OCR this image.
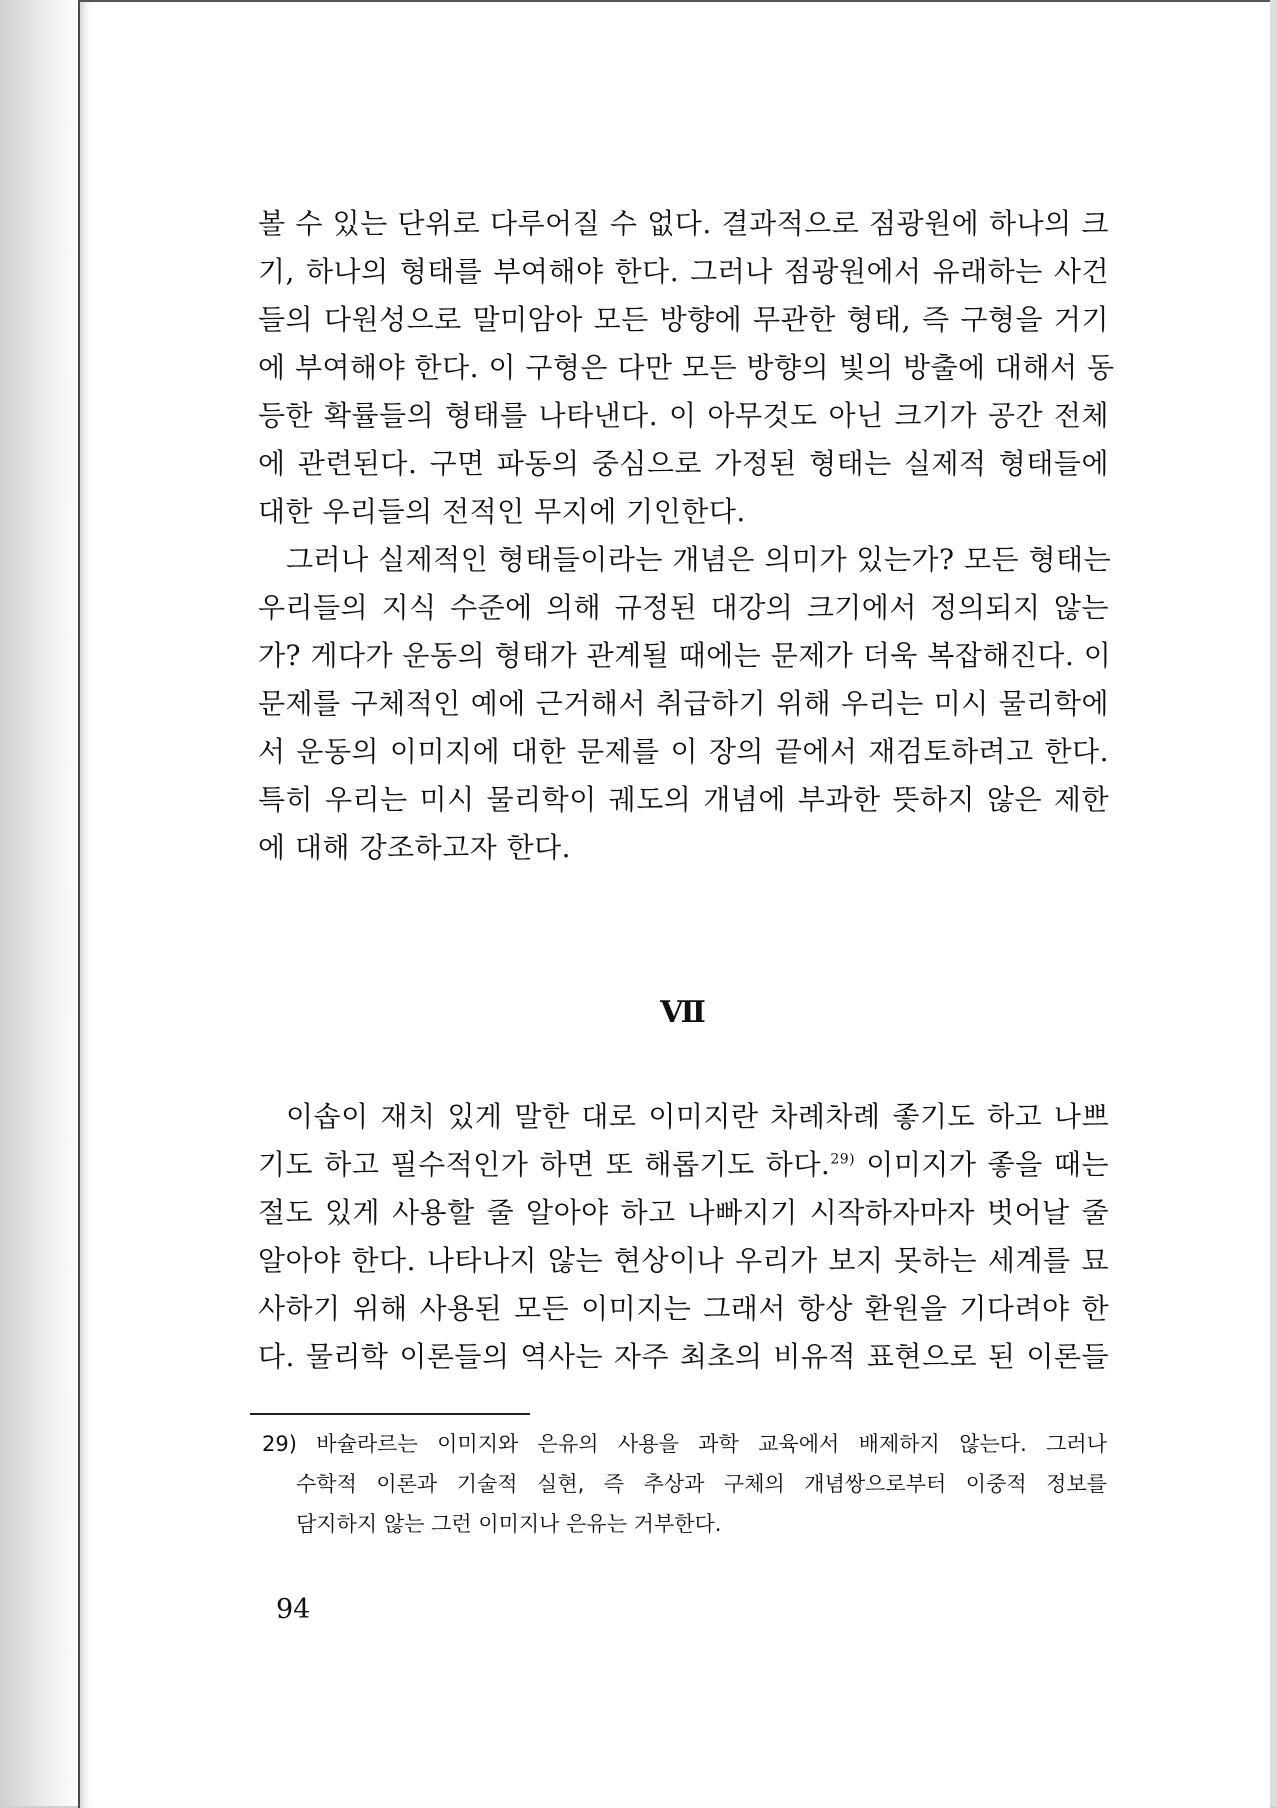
볼 수 있는 단위로 다루어질 수 없다. 결과적으로 점광원에 하나의 크
기, 하나의 형태를 부여해야 한다. 그러나 점광원에서 유래하는 사건
들의 다원성으로 말미암아 모든 방향에 무관한 형태, 즉 구형을 거기
에 부여해야 한다. 이 구형은 다만 모든 방향의 빛의 방출에 대해서 동
등한 확률들의 형태를 나타낸다. 이 아무것도 아닌 크기가 공간 전체
에 관련된다. 구면 파동의 중심으로 가정된 형태는 실제적 형태들에
대한 우리들의 전적인 무지에 기인한다.

그러나 실제적인 형태들이라는 개념은 의미가 있는가? 모든 형태는
우리들의 지식 수준에 의해 규정된 대강의 크기에서 정의되지 않는
가? 게다가 운동의 형태가 관계될 때에는 문제가 더욱 복잡해진다. 이
문제를 구체적인 예에 근거해서 취급하기 위해 우리는 미시 물리학에
서 운동의 이미지에 대한 문제를 이 장의 끝에서 재검토하려고 한다.
특히 우리는 미시 물리학이 궤도의 개념에 부과한 뜻하지 않은 제한
에 대해 강조하고자 한다.

Ⅶ

이솝이 재치 있게 말한 대로 이미지란 차례차례 좋기도 하고 나쁘
기도 하고 필수적인가 하면 또 해롭기도 하다.$^{29)}$ 이미지가 좋을 때는
절도 있게 사용할 줄 알아야 하고 나빠지기 시작하자마자 벗어날 줄
알아야 한다. 나타나지 않는 현상이나 우리가 보지 못하는 세계를 묘
사하기 위해 사용된 모든 이미지는 그래서 항상 환원을 기다려야 한
다. 물리학 이론들의 역사는 자주 최초의 비유적 표현으로 된 이론들

29) 바슐라르는 이미지와 은유의 사용을 과학 교육에서 배제하지 않는다. 그러나
수학적 이론과 기술적 실현, 즉 추상과 구체의 개념쌍으로부터 이중적 정보를
담지하지 않는 그런 이미지나 은유는 거부한다.
94
